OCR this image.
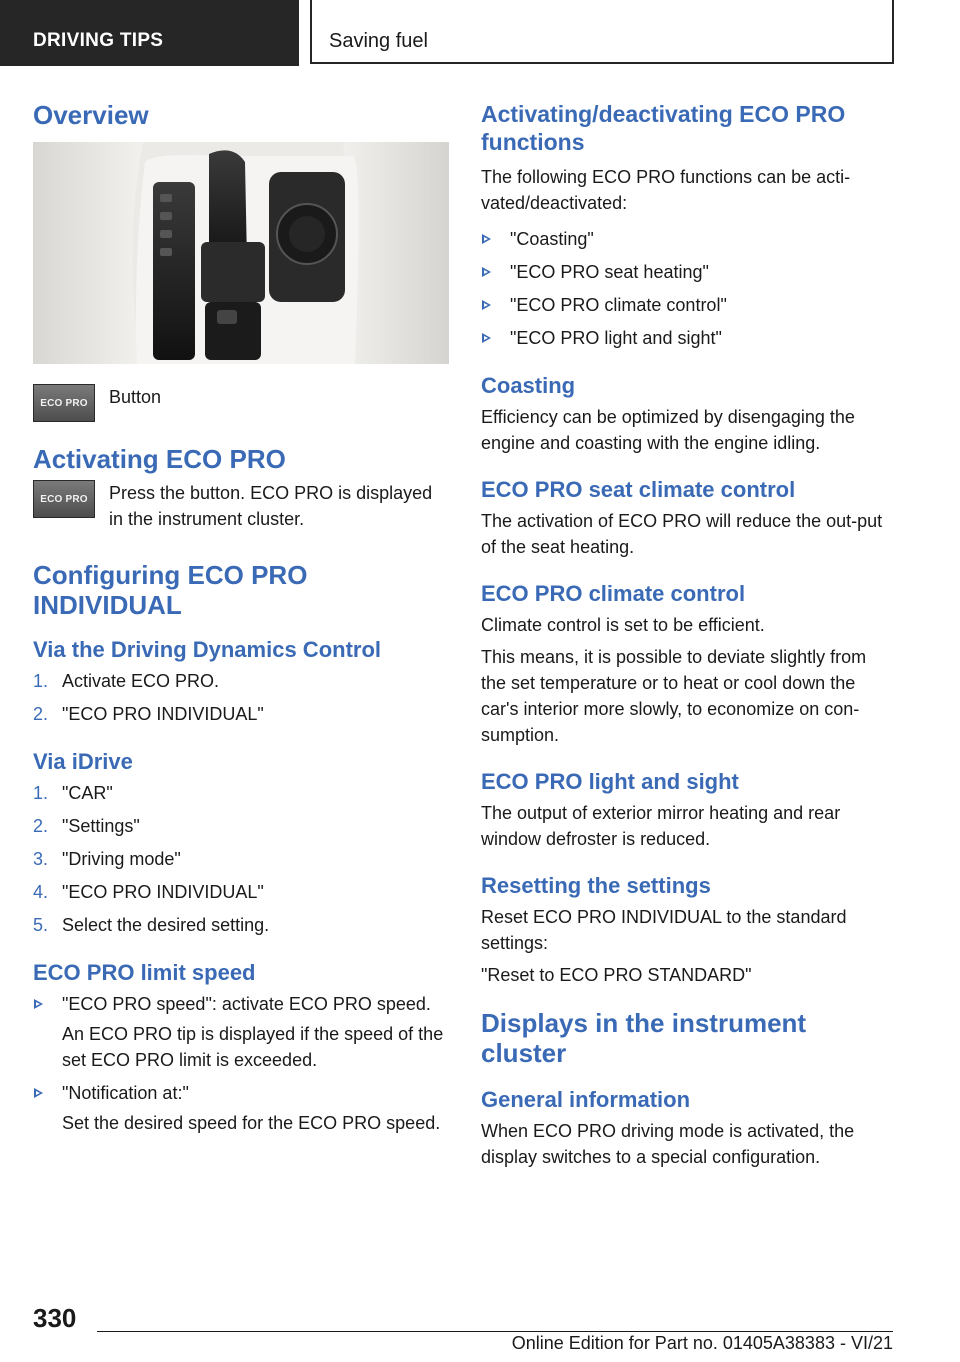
DRIVING TIPS	Saving fuel
Overview
ECO PRO Button

Activating ECO PRO
ECO PRO Press the button. ECO PRO is displayed in the instrument cluster.

Configuring ECO PRO INDIVIDUAL
Via the Driving Dynamics Control
1. Activate ECO PRO.
2. "ECO PRO INDIVIDUAL"
Via iDrive
1. "CAR"
2. "Settings"
3. "Driving mode"
4. "ECO PRO INDIVIDUAL"
5. Select the desired setting.
ECO PRO limit speed
"ECO PRO speed": activate ECO PRO speed.
An ECO PRO tip is displayed if the speed of the set ECO PRO limit is exceeded.
"Notification at:"
Set the desired speed for the ECO PRO speed.
Activating/deactivating ECO PRO functions

The following ECO PRO functions can be acti-vated/deactivated:

"Coasting"
"ECO PRO seat heating"
"ECO PRO climate control"
"ECO PRO light and sight"
Coasting

Efficiency can be optimized by disengaging the engine and coasting with the engine idling.

ECO PRO seat climate control

The activation of ECO PRO will reduce the out-put of the seat heating.

ECO PRO climate control

Climate control is set to be efficient.

This means, it is possible to deviate slightly from the set temperature or to heat or cool down the car's interior more slowly, to economize on con-sumption.

ECO PRO light and sight

The output of exterior mirror heating and rear window defroster is reduced.

Resetting the settings

Reset ECO PRO INDIVIDUAL to the standard settings:

"Reset to ECO PRO STANDARD"

Displays in the instrument cluster
General information

When ECO PRO driving mode is activated, the display switches to a special configuration.

330
Online Edition for Part no. 01405A38383 - VI/21
